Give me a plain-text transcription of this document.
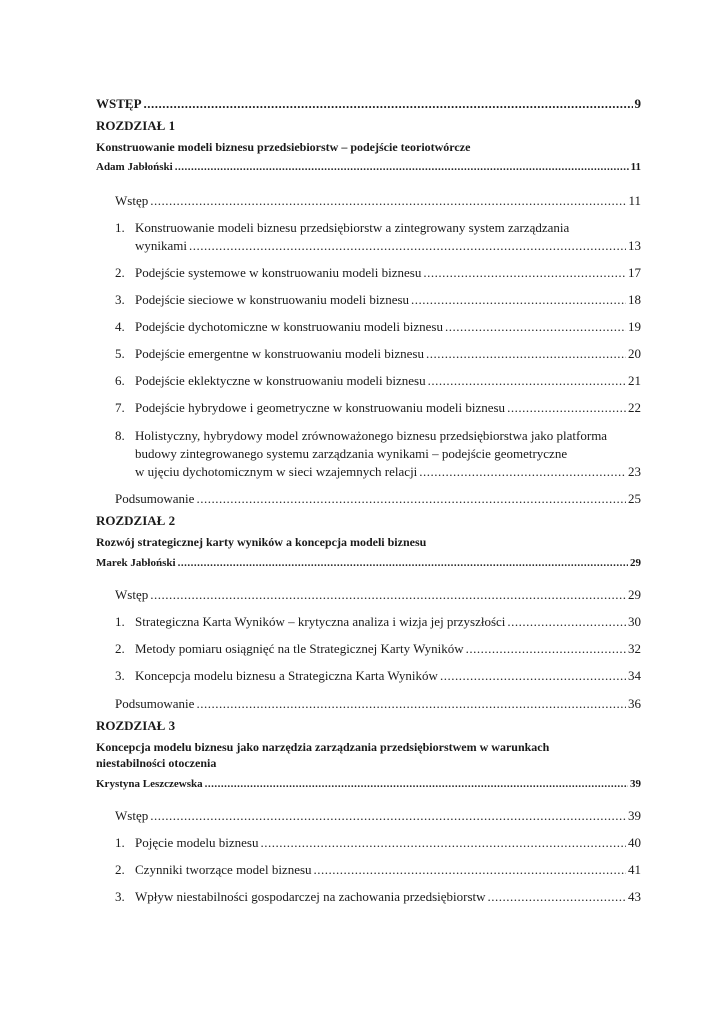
WSTĘP .....	9
ROZDZIAŁ 1
Konstruowanie modeli biznesu przedsiebiorstw – podejście teoriotwórcze
Adam Jabłoński .....	11
Wstęp .....	11
1. Konstruowanie modeli biznesu przedsiębiorstw a zintegrowany system zarządzania
wynikami .....	13
2. Podejście systemowe w konstruowaniu modeli biznesu .....	17
3. Podejście sieciowe w konstruowaniu modeli biznesu .....	18
4. Podejście dychotomiczne w konstruowaniu modeli biznesu .....	19
5. Podejście emergentne w konstruowaniu modeli biznesu .....	20
6. Podejście eklektyczne w konstruowaniu modeli biznesu .....	21
7. Podejście hybrydowe i geometryczne w konstruowaniu modeli biznesu .....	22
8. Holistyczny, hybrydowy model zrównoważonego biznesu przedsiębiorstwa jako platforma
budowy zintegrowanego systemu zarządzania wynikami – podejście geometryczne
w ujęciu dychotomicznym w sieci wzajemnych relacji .....	23
Podsumowanie .....	25
ROZDZIAŁ 2
Rozwój strategicznej karty wyników a koncepcja modeli biznesu
Marek Jabłoński .....	29
Wstęp .....	29
1. Strategiczna Karta Wyników – krytyczna analiza i wizja jej przyszłości .....	30
2. Metody pomiaru osiągnięć na tle Strategicznej Karty Wyników .....	32
3. Koncepcja modelu biznesu a Strategiczna Karta Wyników .....	34
Podsumowanie .....	36
ROZDZIAŁ 3
Koncepcja modelu biznesu jako narzędzia zarządzania przedsiębiorstwem w warunkach
niestabilności otoczenia
Krystyna Leszczewska .....	39
Wstęp .....	39
1. Pojęcie modelu biznesu .....	40
2. Czynniki tworzące model biznesu .....	41
3. Wpływ niestabilności gospodarczej na zachowania przedsiębiorstw .....	43
